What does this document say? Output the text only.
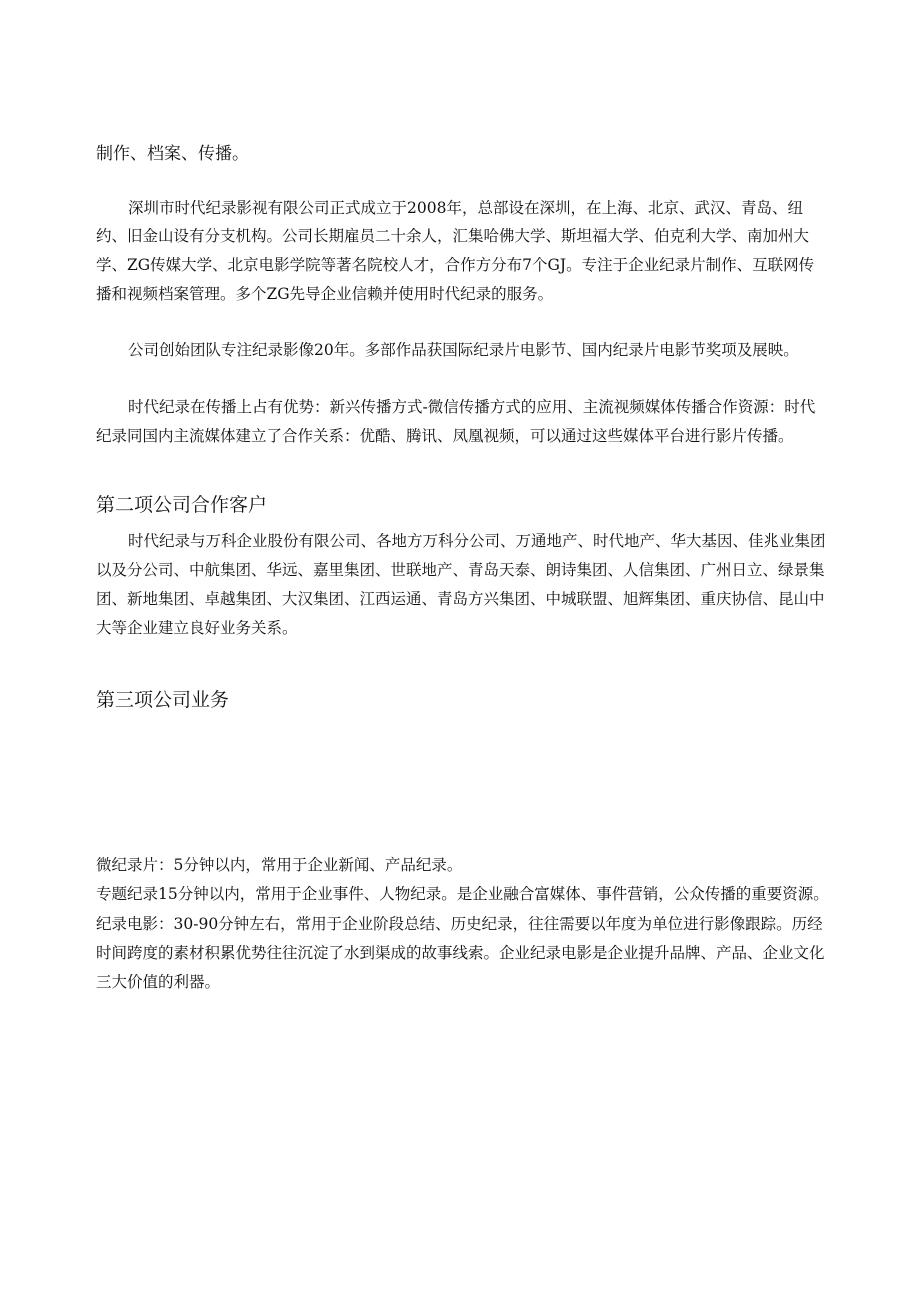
制作、档案、传播。
深圳市时代纪录影视有限公司正式成立于2008年，总部设在深圳，在上海、北京、武汉、青岛、纽
约、旧金山设有分支机构。公司长期雇员二十余人，汇集哈佛大学、斯坦福大学、伯克利大学、南加州大
学、ZG传媒大学、北京电影学院等著名院校人才，合作方分布7个GJ。专注于企业纪录片制作、互联网传
播和视频档案管理。多个ZG先导企业信赖并使用时代纪录的服务。
公司创始团队专注纪录影像20年。多部作品获国际纪录片电影节、国内纪录片电影节奖项及展映。
时代纪录在传播上占有优势：新兴传播方式-微信传播方式的应用、主流视频媒体传播合作资源：时代
纪录同国内主流媒体建立了合作关系：优酷、腾讯、凤凰视频，可以通过这些媒体平台进行影片传播。
第二项公司合作客户
时代纪录与万科企业股份有限公司、各地方万科分公司、万通地产、时代地产、华大基因、佳兆业集团
以及分公司、中航集团、华远、嘉里集团、世联地产、青岛天泰、朗诗集团、人信集团、广州日立、绿景集
团、新地集团、卓越集团、大汉集团、江西运通、青岛方兴集团、中城联盟、旭辉集团、重庆协信、昆山中
大等企业建立良好业务关系。
第三项公司业务
微纪录片：5分钟以内，常用于企业新闻、产品纪录。
专题纪录15分钟以内，常用于企业事件、人物纪录。是企业融合富媒体、事件营销，公众传播的重要资源。
纪录电影：30-90分钟左右，常用于企业阶段总结、历史纪录，往往需要以年度为单位进行影像跟踪。历经
时间跨度的素材积累优势往往沉淀了水到渠成的故事线索。企业纪录电影是企业提升品牌、产品、企业文化
三大价值的利器。
